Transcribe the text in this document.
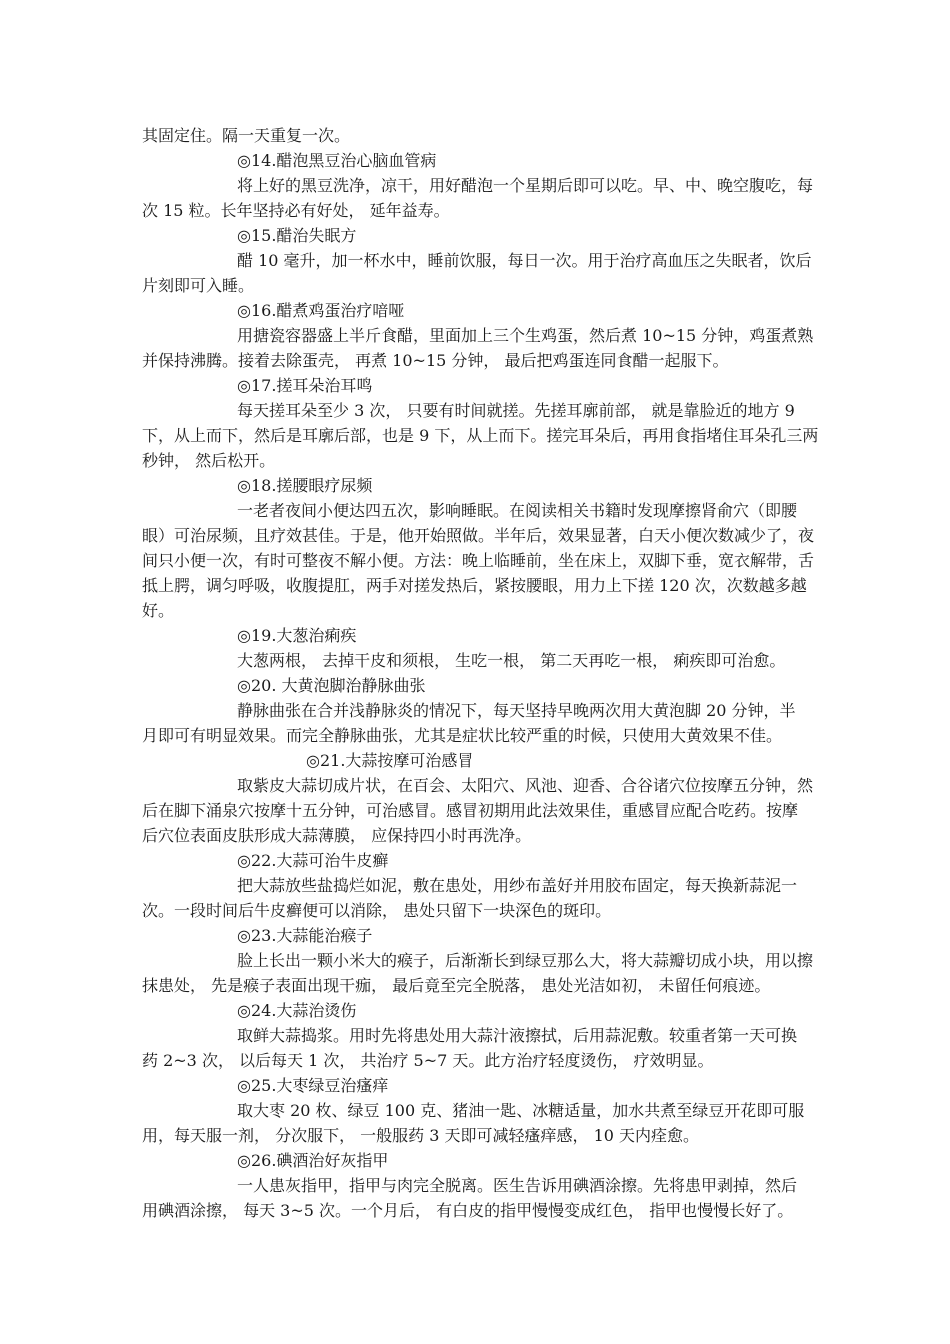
其固定住。隔一天重复一次。
◎14.醋泡黑豆治心脑血管病
将上好的黑豆洗净，凉干，用好醋泡一个星期后即可以吃。早、中、晚空腹吃，每
次 15 粒。长年坚持必有好处， 延年益寿。
◎15.醋治失眠方
醋 10 毫升，加一杯水中，睡前饮服，每日一次。用于治疗高血压之失眠者，饮后
片刻即可入睡。
◎16.醋煮鸡蛋治疗喑哑
用搪瓷容器盛上半斤食醋，里面加上三个生鸡蛋，然后煮 10~15 分钟，鸡蛋煮熟
并保持沸腾。接着去除蛋壳， 再煮 10~15 分钟， 最后把鸡蛋连同食醋一起服下。
◎17.搓耳朵治耳鸣
每天搓耳朵至少 3 次， 只要有时间就搓。先搓耳廓前部， 就是靠脸近的地方 9
下，从上而下，然后是耳廓后部，也是 9 下，从上而下。搓完耳朵后，再用食指堵住耳朵孔三两
秒钟， 然后松开。
◎18.搓腰眼疗尿频
一老者夜间小便达四五次，影响睡眠。在阅读相关书籍时发现摩擦肾俞穴（即腰
眼）可治尿频，且疗效甚佳。于是，他开始照做。半年后，效果显著，白天小便次数减少了，夜
间只小便一次，有时可整夜不解小便。方法：晚上临睡前，坐在床上，双脚下垂，宽衣解带，舌
抵上腭，调匀呼吸，收腹提肛，两手对搓发热后，紧按腰眼，用力上下搓 120 次，次数越多越
好。
◎19.大葱治痢疾
大葱两根， 去掉干皮和须根， 生吃一根， 第二天再吃一根， 痢疾即可治愈。
◎20. 大黄泡脚治静脉曲张
静脉曲张在合并浅静脉炎的情况下，每天坚持早晚两次用大黄泡脚 20 分钟，半
月即可有明显效果。而完全静脉曲张，尤其是症状比较严重的时候，只使用大黄效果不佳。
◎21.大蒜按摩可治感冒
取紫皮大蒜切成片状，在百会、太阳穴、风池、迎香、合谷诸穴位按摩五分钟，然
后在脚下涌泉穴按摩十五分钟，可治感冒。感冒初期用此法效果佳，重感冒应配合吃药。按摩
后穴位表面皮肤形成大蒜薄膜， 应保持四小时再洗净。
◎22.大蒜可治牛皮癣
把大蒜放些盐捣烂如泥，敷在患处，用纱布盖好并用胶布固定，每天换新蒜泥一
次。一段时间后牛皮癣便可以消除， 患处只留下一块深色的斑印。
◎23.大蒜能治瘊子
脸上长出一颗小米大的瘊子，后渐渐长到绿豆那么大，将大蒜瓣切成小块，用以擦
抹患处， 先是瘊子表面出现干痂， 最后竟至完全脱落， 患处光洁如初， 未留任何痕迹。
◎24.大蒜治烫伤
取鲜大蒜捣浆。用时先将患处用大蒜汁液擦拭，后用蒜泥敷。较重者第一天可换
药 2~3 次， 以后每天 1 次， 共治疗 5~7 天。此方治疗轻度烫伤， 疗效明显。
◎25.大枣绿豆治瘙痒
取大枣 20 枚、绿豆 100 克、猪油一匙、冰糖适量，加水共煮至绿豆开花即可服
用，每天服一剂， 分次服下， 一般服药 3 天即可减轻瘙痒感， 10 天内痊愈。
◎26.碘酒治好灰指甲
一人患灰指甲，指甲与肉完全脱离。医生告诉用碘酒涂擦。先将患甲剥掉，然后
用碘酒涂擦， 每天 3~5 次。一个月后， 有白皮的指甲慢慢变成红色， 指甲也慢慢长好了。
